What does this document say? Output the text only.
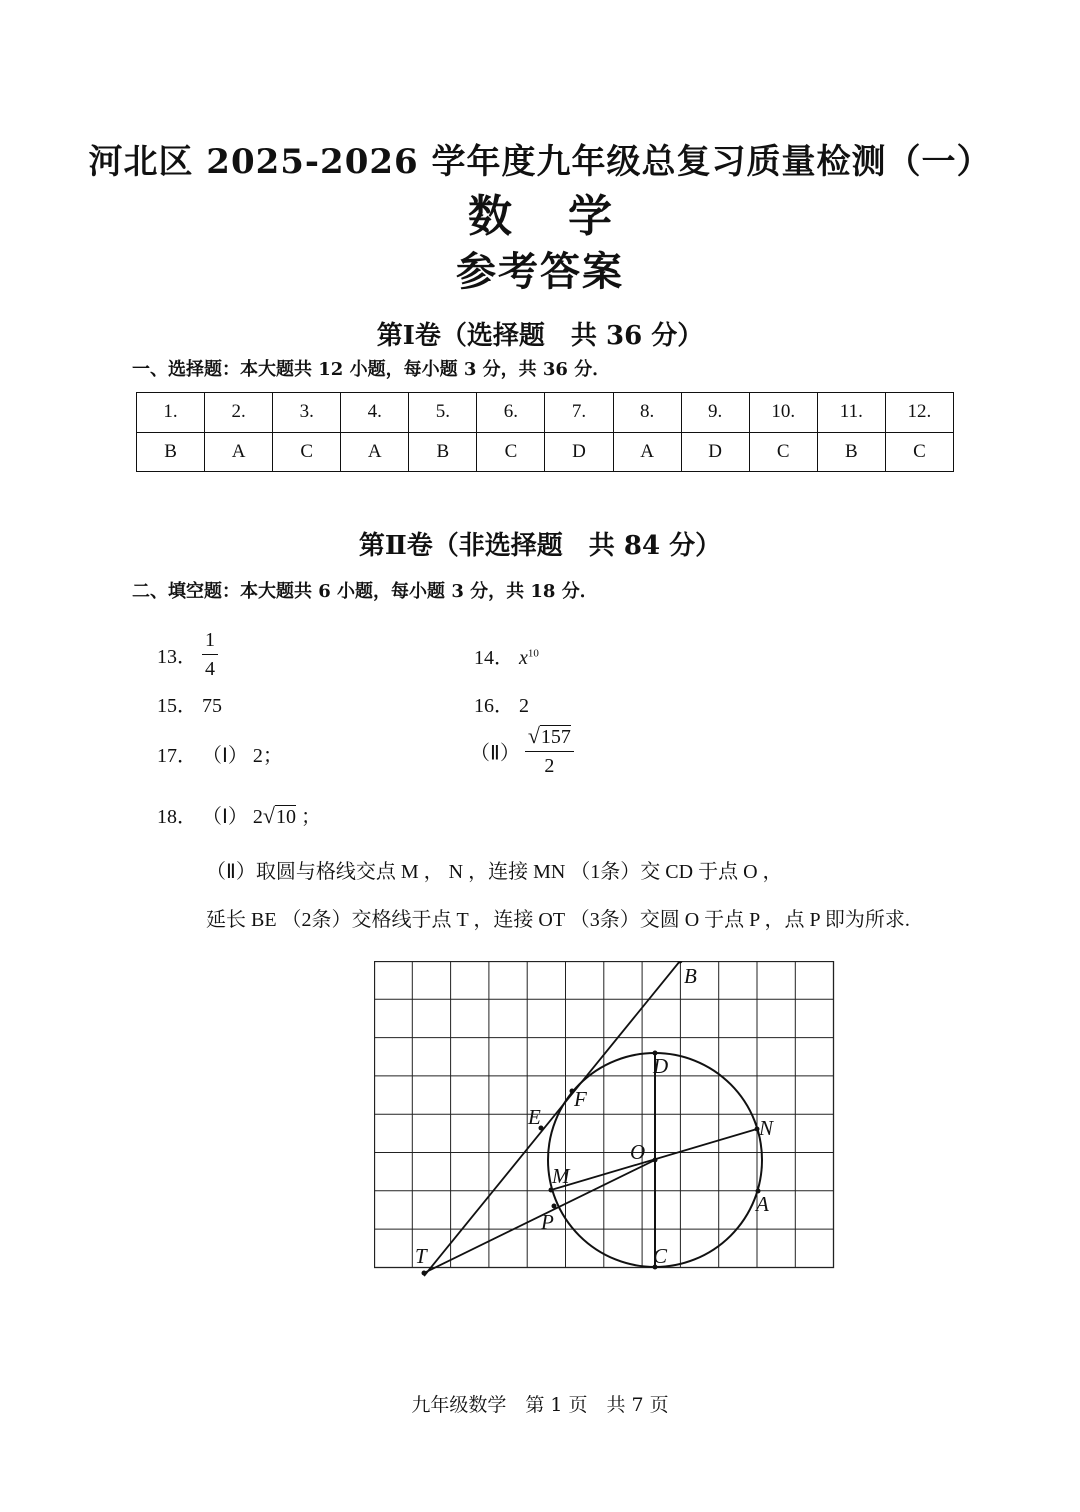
河北区 2025-2026 学年度九年级总复习质量检测（一）
数学
参考答案
第Ⅰ卷（选择题　共 36 分）
一、选择题：本大题共 12 小题，每小题 3 分，共 36 分．
1.	2.	3.	4.	5.	6.	7.	8.	9.	10.	11.	12.
B	A	C	A	B	C	D	A	D	C	B	C
第Ⅱ卷（非选择题　共 84 分）
二、填空题：本大题共 6 小题，每小题 3 分，共 18 分．
13． $\frac{1}{4}$	14． $x^{10}$
15． 75	16． 2
17． （Ⅰ） 2；	（Ⅱ） $\frac{√157}{2}$
18． （Ⅰ） 2√10 ；
（Ⅱ）取圆与格线交点 M ， N ，连接 MN （1条）交 CD 于点 O ，
延长 BE （2条）交格线于点 T ，连接 OT （3条）交圆 O 于点 P ，点 P 即为所求.
B
D
F
E	N
O
M
A
P
T	C
九年级数学　第 1 页　共 7 页
